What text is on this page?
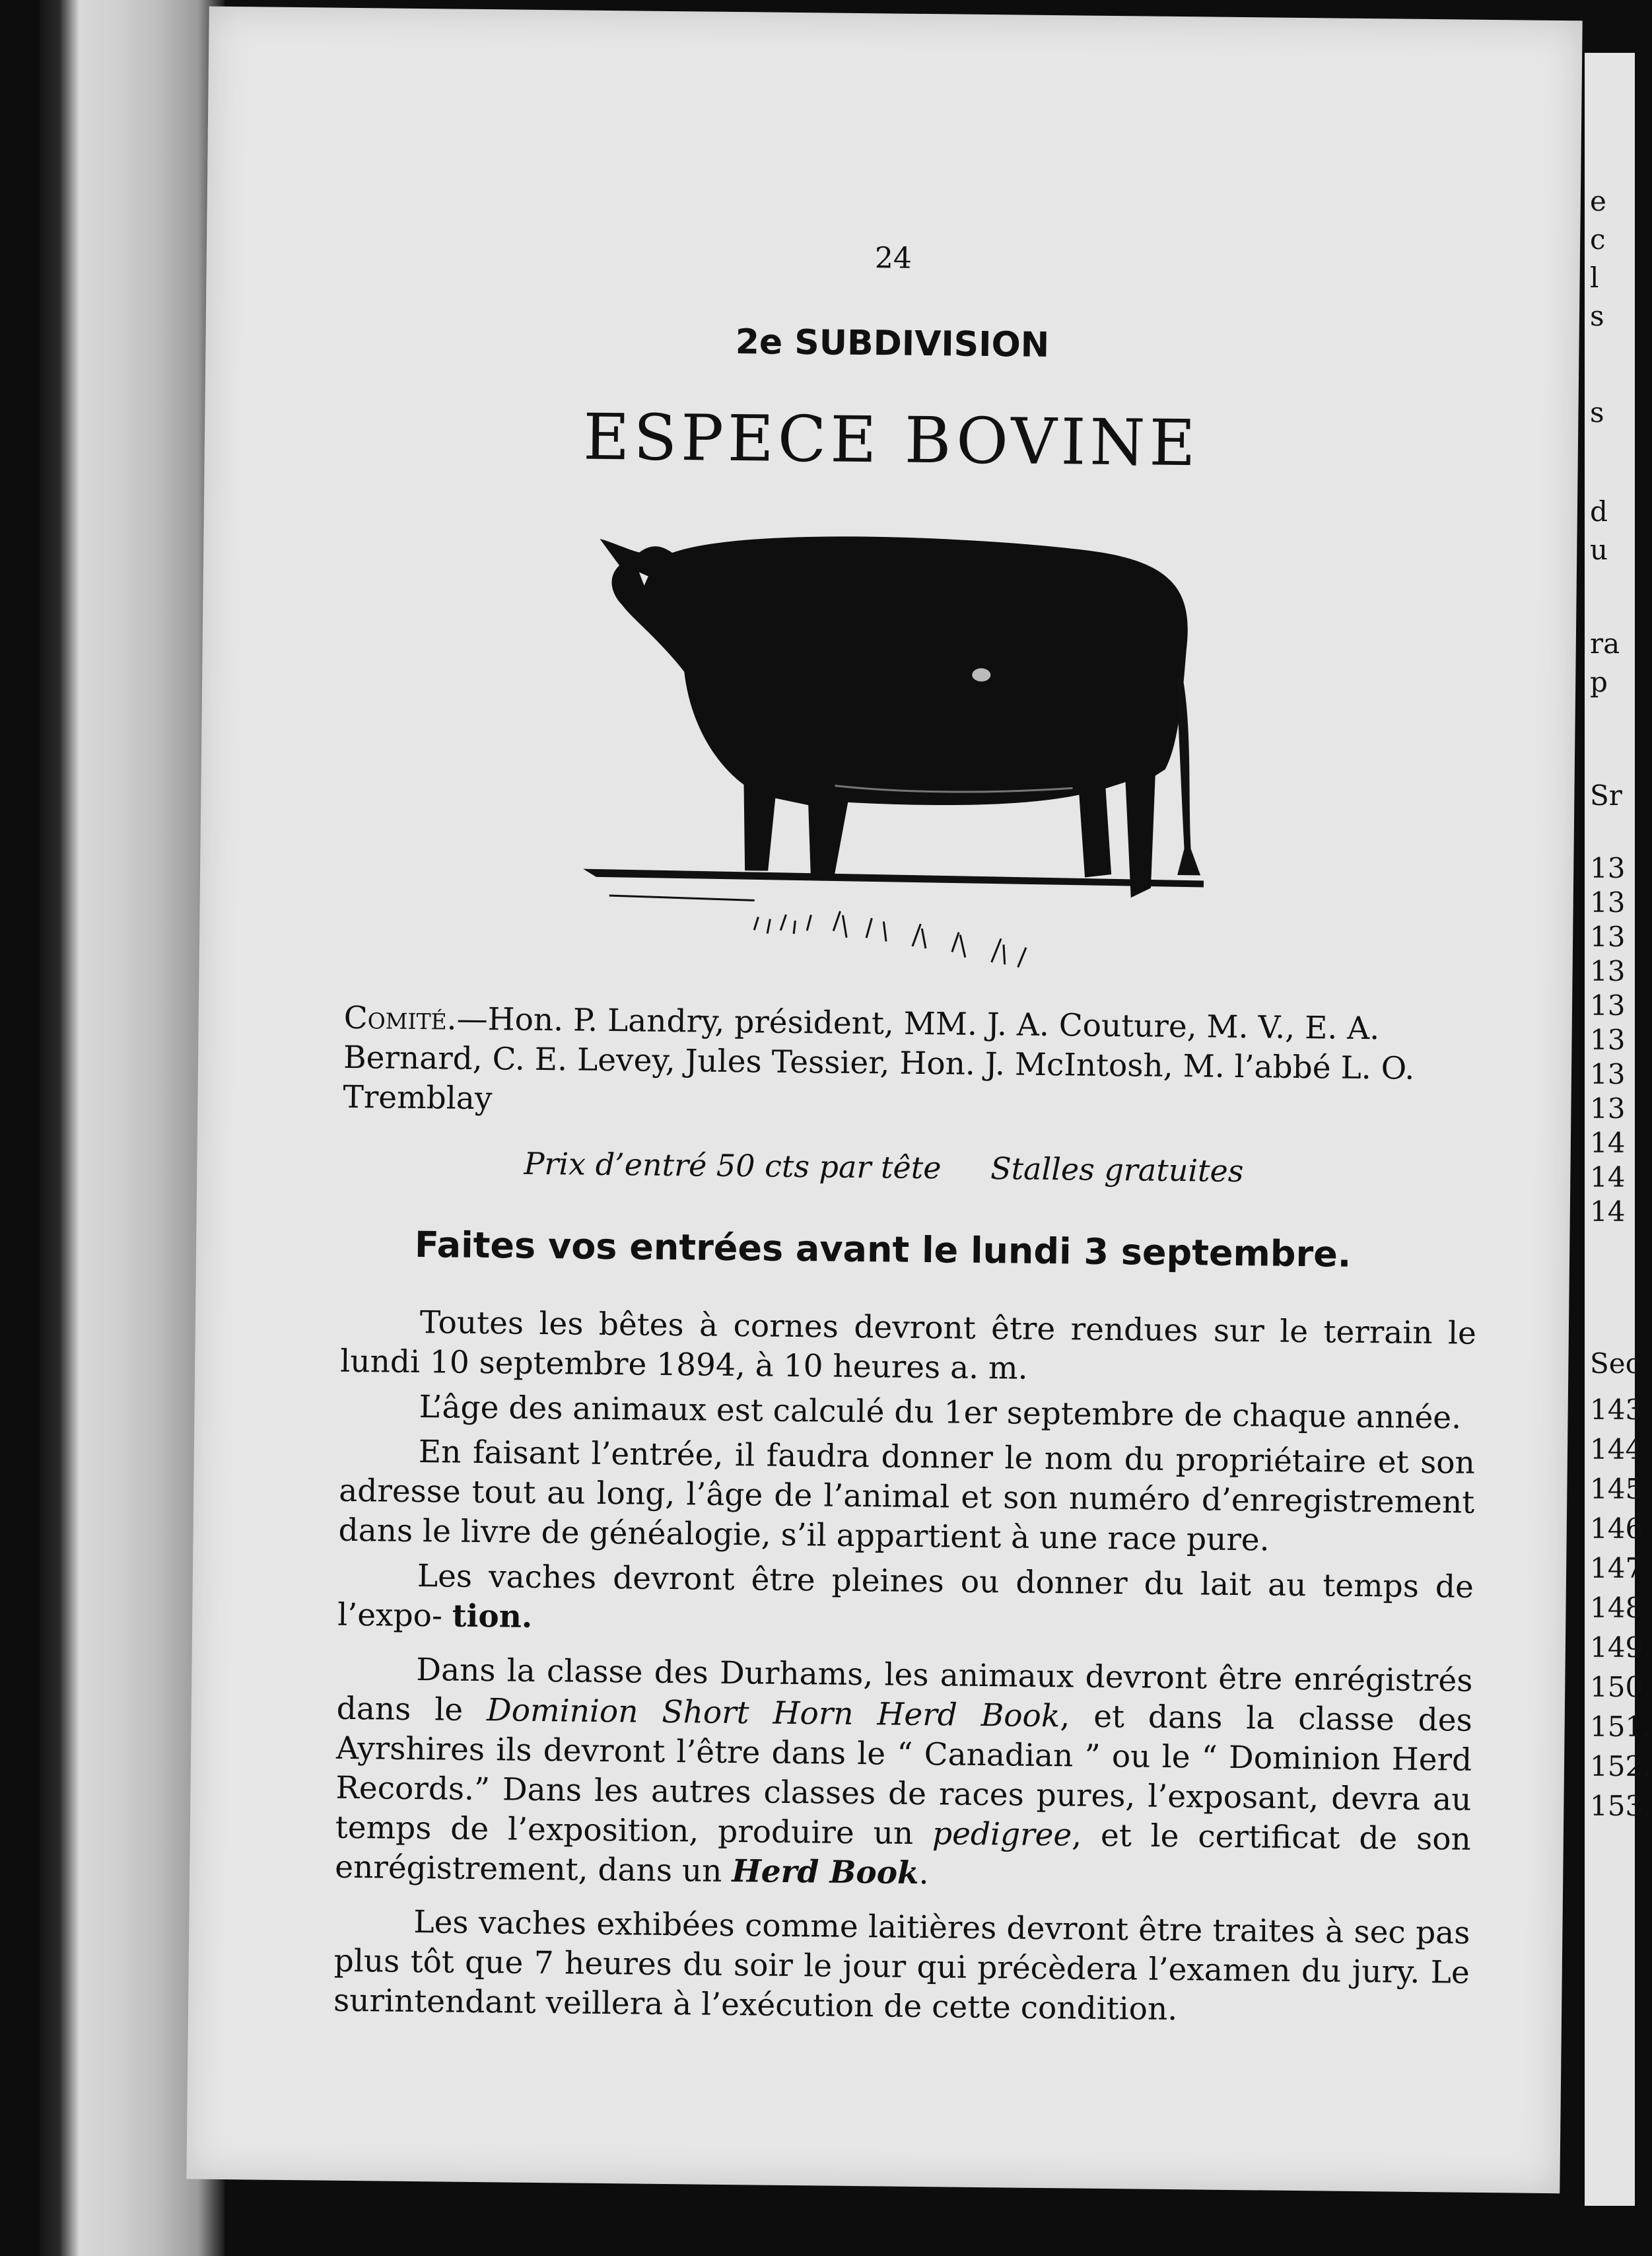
e
c
l
s
s
d
u
ra
p
Sr
13
13
13
13
13
13
13
13
14
14
14
Sec
143
144
145
146
147
148
149.
150.
151.
152.
153.
24
2e SUBDIVISION
ESPECE BOVINE
Comité.—Hon. P. Landry, président, MM. J. A. Couture, M. V., E. A. Bernard, C. E. Levey, Jules Tessier, Hon. J. McIntosh, M. l’abbé L. O. Tremblay
Prix d’entré 50 cts par tête Stalles gratuites
Faites vos entrées avant le lundi 3 septembre.

Toutes les bêtes à cornes devront être rendues sur le terrain le lundi 10 septembre 1894, à 10 heures a. m.

L’âge des animaux est calculé du 1er septembre de chaque année.

En faisant l’entrée, il faudra donner le nom du propriétaire et son adresse tout au long, l’âge de l’animal et son numéro d’enregistrement dans le livre de généalogie, s’il appartient à une race pure.

Les vaches devront être pleines ou donner du lait au temps de l’expo- tion.

Dans la classe des Durhams, les animaux devront être enrégistrés dans le Dominion Short Horn Herd Book, et dans la classe des Ayrshires ils devront l’être dans le “ Canadian ” ou le “ Dominion Herd Records.” Dans les autres classes de races pures, l’exposant, devra au temps de l’exposition, produire un pedigree, et le certificat de son enrégistrement, dans un Herd Book.

Les vaches exhibées comme laitières devront être traites à sec pas plus tôt que 7 heures du soir le jour qui précèdera l’examen du jury. Le surintendant veillera à l’exécution de cette condition.
